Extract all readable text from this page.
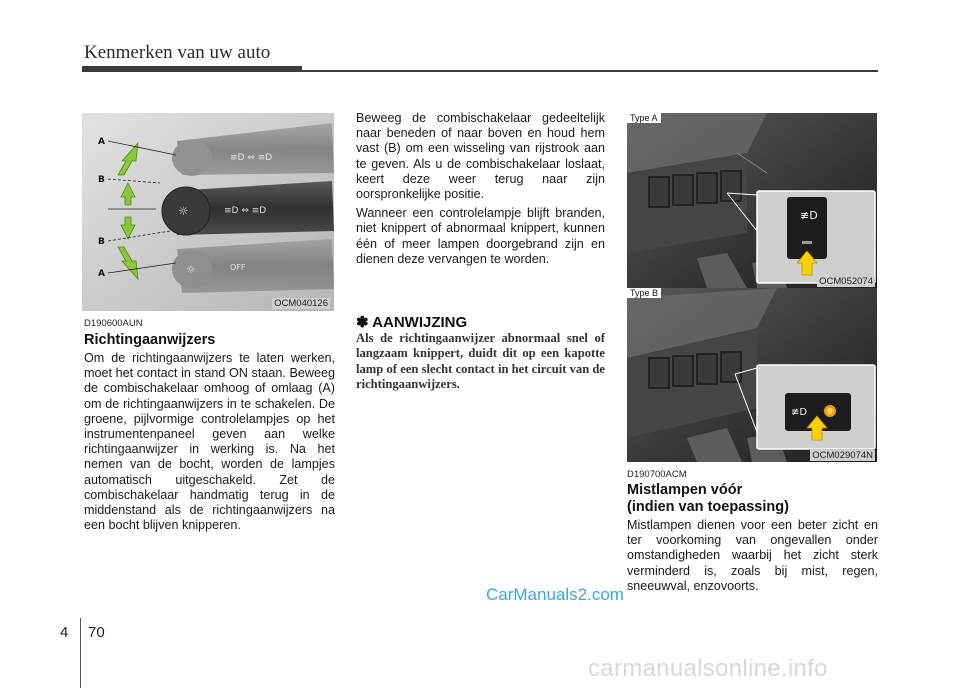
Kenmerken van uw auto
≡D ⇔ ≡D
☼	≡D ⇔ ≡D
☼	OFF
A
B
B
A
OCM040126
D190600AUN
Richtingaanwijzers

Om de richtingaanwijzers te laten werken, moet het contact in stand ON staan. Beweeg de combischakelaar omhoog of omlaag (A) om de richtingaanwijzers in te schakelen. De groene, pijlvormige controlelampjes op het instrumentenpaneel geven aan welke richtingaanwijzer in werking is. Na het nemen van de bocht, worden de lampjes automatisch uitgeschakeld. Zet de combischakelaar handmatig terug in de middenstand als de richtingaanwijzers na een bocht blijven knipperen.

Beweeg de combischakelaar gedeeltelijk naar beneden of naar boven en houd hem vast (B) om een wisseling van rijstrook aan te geven. Als u de combischakelaar loslaat, keert deze weer terug naar zijn oorspronkelijke positie.

Wanneer een controlelampje blijft branden, niet knippert of abnormaal knippert, kunnen één of meer lampen doorgebrand zijn en dienen deze vervangen te worden.

✽ AANWIJZING
Als de richtingaanwijzer abnormaal snel of langzaam knippert, duidt dit op een kapotte lamp of een slecht contact in het circuit van de richtingaanwijzers.
≢D
Type A
OCM052074
≢D
Type B
OCM029074N
D190700ACM
Mistlampen vóór
(indien van toepassing)

Mistlampen dienen voor een beter zicht en ter voorkoming van ongevallen onder omstandigheden waarbij het zicht sterk verminderd is, zoals bij mist, regen, sneeuwval, enzovoorts.

CarManuals2.com
carmanualsonline.info
4 70
